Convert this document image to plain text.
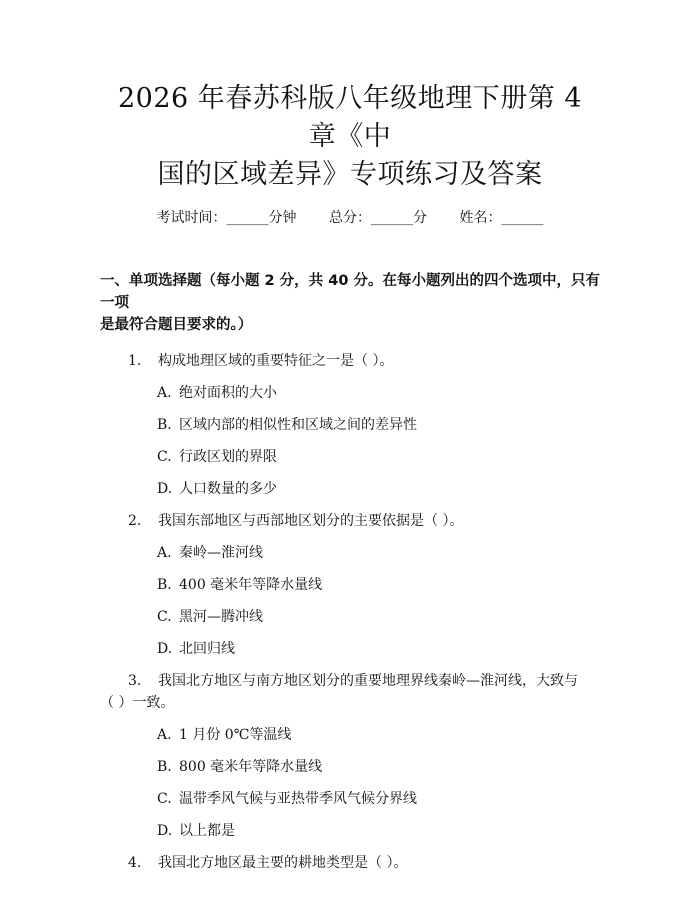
2026 年春苏科版八年级地理下册第 4 章《中
国的区域差异》专项练习及答案
考试时间：______分钟 总分：______分 姓名：______
一、单项选择题（每小题 2 分，共 40 分。在每小题列出的四个选项中，只有一项
是最符合题目要求的。）
1. 构成地理区域的重要特征之一是（ ）。
A. 绝对面积的大小
B. 区域内部的相似性和区域之间的差异性
C. 行政区划的界限
D. 人口数量的多少
2. 我国东部地区与西部地区划分的主要依据是（ ）。
A. 秦岭—淮河线
B. 400 毫米年等降水量线
C. 黑河—腾冲线
D. 北回归线
3. 我国北方地区与南方地区划分的重要地理界线秦岭—淮河线，大致与
（ ）一致。
A. 1 月份 0℃等温线
B. 800 毫米年等降水量线
C. 温带季风气候与亚热带季风气候分界线
D. 以上都是
4. 我国北方地区最主要的耕地类型是（ ）。
